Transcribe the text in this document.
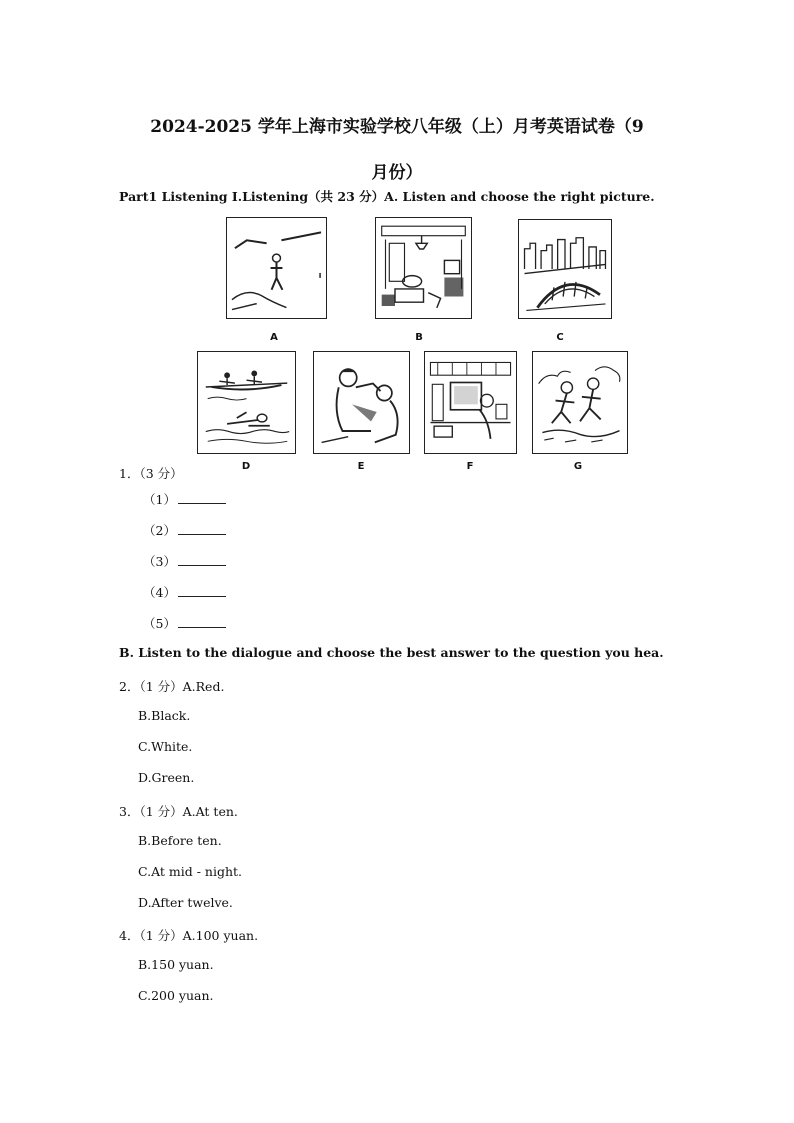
2024-2025 学年上海市实验学校八年级（上）月考英语试卷（9
月份）
Part1 Listening I.Listening（共 23 分）A. Listen and choose the right picture.
A	B	C
D	E	F	G
1．（3 分）
（1）
（2）
（3）
（4）
（5）
B. Listen to the dialogue and choose the best answer to the question you hea.
2．（1 分）A.Red.
B.Black.
C.White.
D.Green.
3．（1 分）A.At ten.
B.Before ten.
C.At mid - night.
D.After twelve.
4．（1 分）A.100 yuan.
B.150 yuan.
C.200 yuan.
